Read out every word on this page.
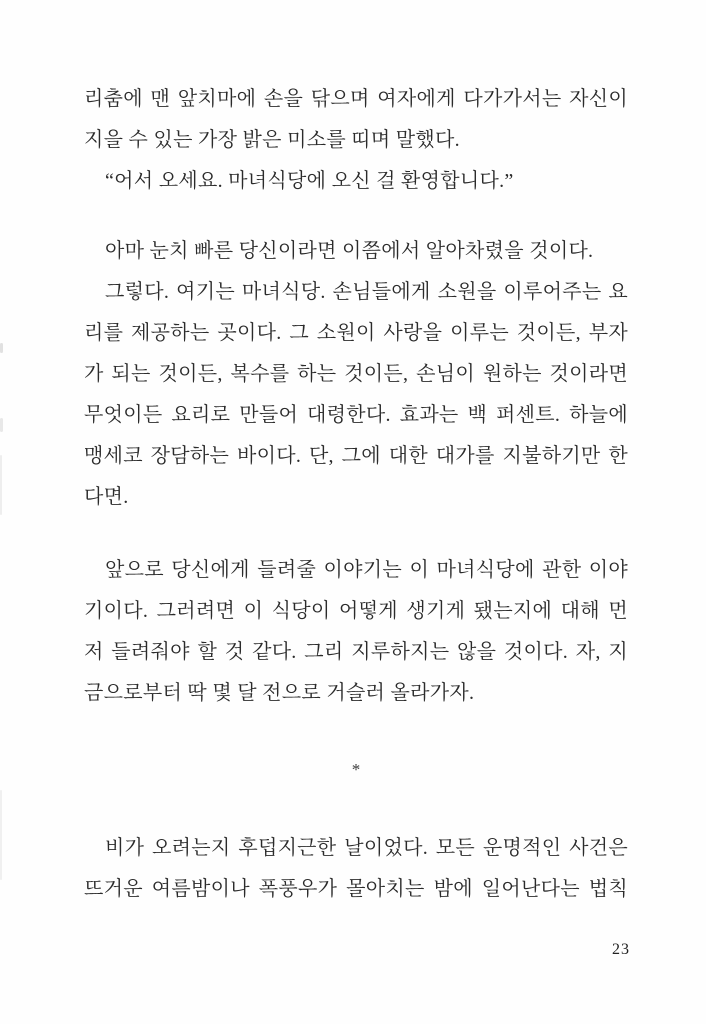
리춤에 맨 앞치마에 손을 닦으며 여자에게 다가가서는 자신이
지을 수 있는 가장 밝은 미소를 띠며 말했다.
“어서 오세요. 마녀식당에 오신 걸 환영합니다.”
아마 눈치 빠른 당신이라면 이쯤에서 알아차렸을 것이다.
그렇다. 여기는 마녀식당. 손님들에게 소원을 이루어주는 요
리를 제공하는 곳이다. 그 소원이 사랑을 이루는 것이든, 부자
가 되는 것이든, 복수를 하는 것이든, 손님이 원하는 것이라면
무엇이든 요리로 만들어 대령한다. 효과는 백 퍼센트. 하늘에
맹세코 장담하는 바이다. 단, 그에 대한 대가를 지불하기만 한
다면.
앞으로 당신에게 들려줄 이야기는 이 마녀식당에 관한 이야
기이다. 그러려면 이 식당이 어떻게 생기게 됐는지에 대해 먼
저 들려줘야 할 것 같다. 그리 지루하지는 않을 것이다. 자, 지
금으로부터 딱 몇 달 전으로 거슬러 올라가자.
*
비가 오려는지 후덥지근한 날이었다. 모든 운명적인 사건은
뜨거운 여름밤이나 폭풍우가 몰아치는 밤에 일어난다는 법칙
23
